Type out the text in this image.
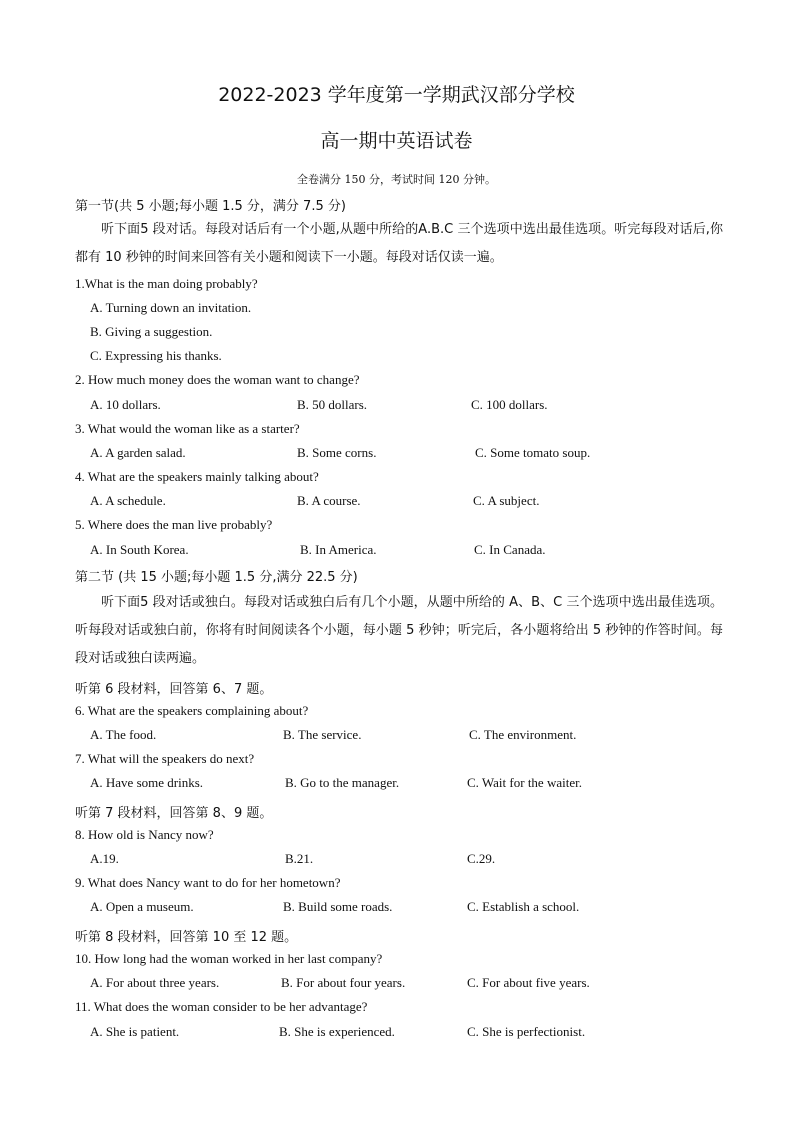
2022-2023 学年度第一学期武汉部分学校
高一期中英语试卷
全卷满分 150 分，考试时间 120 分钟。
第一节(共 5 小题;每小题 1.5 分，满分 7.5 分)
听下面5 段对话。每段对话后有一个小题,从题中所给的A.B.C 三个选项中选出最佳选项。听完每段对话后,你都有 10 秒钟的时间来回答有关小题和阅读下一小题。每段对话仅读一遍。
1.What is the man doing probably?
A. Turning down an invitation.
B. Giving a suggestion.
C. Expressing his thanks.
2. How much money does the woman want to change?
A. 10 dollars.	B. 50 dollars.	C. 100 dollars.
3. What would the woman like as a starter?
A. A garden salad.	B. Some corns.	C. Some tomato soup.
4. What are the speakers mainly talking about?
A. A schedule.	B. A course.	C. A subject.
5. Where does the man live probably?
A. In South Korea.	B. In America.	C. In Canada.
第二节 (共 15 小题;每小题 1.5 分,满分 22.5 分)
听下面5 段对话或独白。每段对话或独白后有几个小题，从题中所给的 A、B、C 三个选项中选出最佳选项。听每段对话或独白前，你将有时间阅读各个小题，每小题 5 秒钟；听完后，各小题将给出 5 秒钟的作答时间。每段对话或独白读两遍。
听第 6 段材料，回答第 6、7 题。
6. What are the speakers complaining about?
A. The food.	B. The service.	C. The environment.
7. What will the speakers do next?
A. Have some drinks.	B. Go to the manager.	C. Wait for the waiter.
听第 7 段材料，回答第 8、9 题。
8. How old is Nancy now?
A.19.	B.21.	C.29.
9. What does Nancy want to do for her hometown?
A. Open a museum.	B. Build some roads.	C. Establish a school.
听第 8 段材料，回答第 10 至 12 题。
10. How long had the woman worked in her last company?
A. For about three years.	B. For about four years.	C. For about five years.
11. What does the woman consider to be her advantage?
A. She is patient.	B. She is experienced.	C. She is perfectionist.
